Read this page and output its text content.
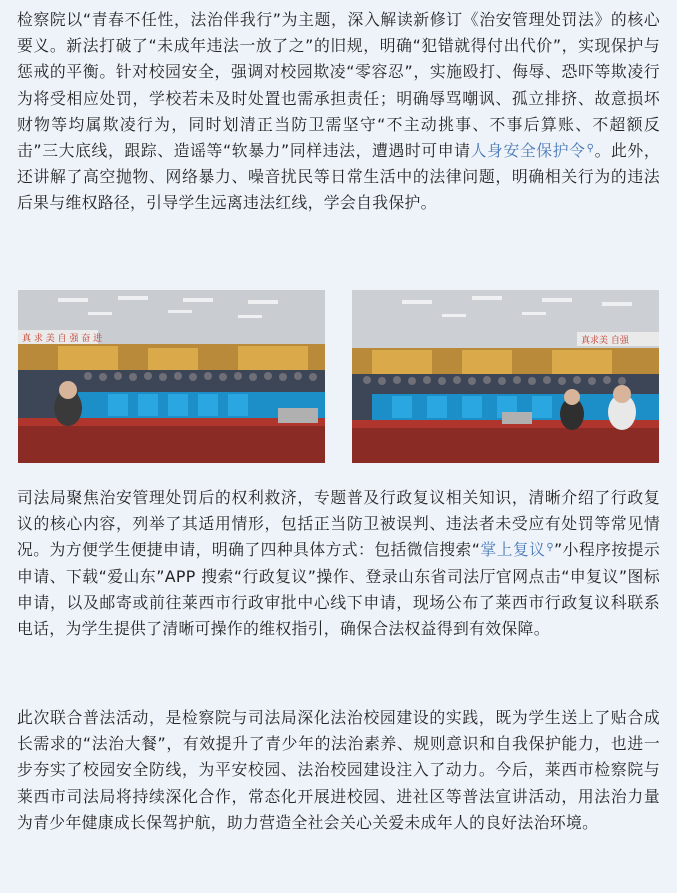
检察院以“青春不任性，法治伴我行”为主题，深入解读新修订《治安管理处罚法》的核心要义。新法打破了“未成年违法一放了之”的旧规，明确“犯错就得付出代价”，实现保护与惩戒的平衡。针对校园安全，强调对校园欺凌“零容忍”，实施殴打、侮辱、恐吓等欺凌行为将受相应处罚，学校若未及时处置也需承担责任；明确辱骂嘲讽、孤立排挤、故意损坏财物等均属欺凌行为，同时划清正当防卫需坚守“不主动挑事、不事后算账、不超额反击”三大底线，跟踪、造谣等“软暴力”同样违法，遭遇时可申请人身安全保护令⚲。此外，还讲解了高空抛物、网络暴力、噪音扰民等日常生活中的法律问题，明确相关行为的违法后果与维权路径，引导学生远离违法红线，学会自我保护。

真 求 美 自 强 奋 进	真求美 自强

司法局聚焦治安管理处罚后的权利救济，专题普及行政复议相关知识，清晰介绍了行政复议的核心内容，列举了其适用情形，包括正当防卫被误判、违法者未受应有处罚等常见情况。为方便学生便捷申请，明确了四种具体方式：包括微信搜索“掌上复议⚲”小程序按提示申请、下载“爱山东”APP 搜索“行政复议”操作、登录山东省司法厅官网点击“申复议”图标申请，以及邮寄或前往莱西市行政审批中心线下申请，现场公布了莱西市行政复议科联系电话，为学生提供了清晰可操作的维权指引，确保合法权益得到有效保障。

此次联合普法活动，是检察院与司法局深化法治校园建设的实践，既为学生送上了贴合成长需求的“法治大餐”，有效提升了青少年的法治素养、规则意识和自我保护能力，也进一步夯实了校园安全防线，为平安校园、法治校园建设注入了动力。今后，莱西市检察院与莱西市司法局将持续深化合作，常态化开展进校园、进社区等普法宣讲活动，用法治力量为青少年健康成长保驾护航，助力营造全社会关心关爱未成年人的良好法治环境。
